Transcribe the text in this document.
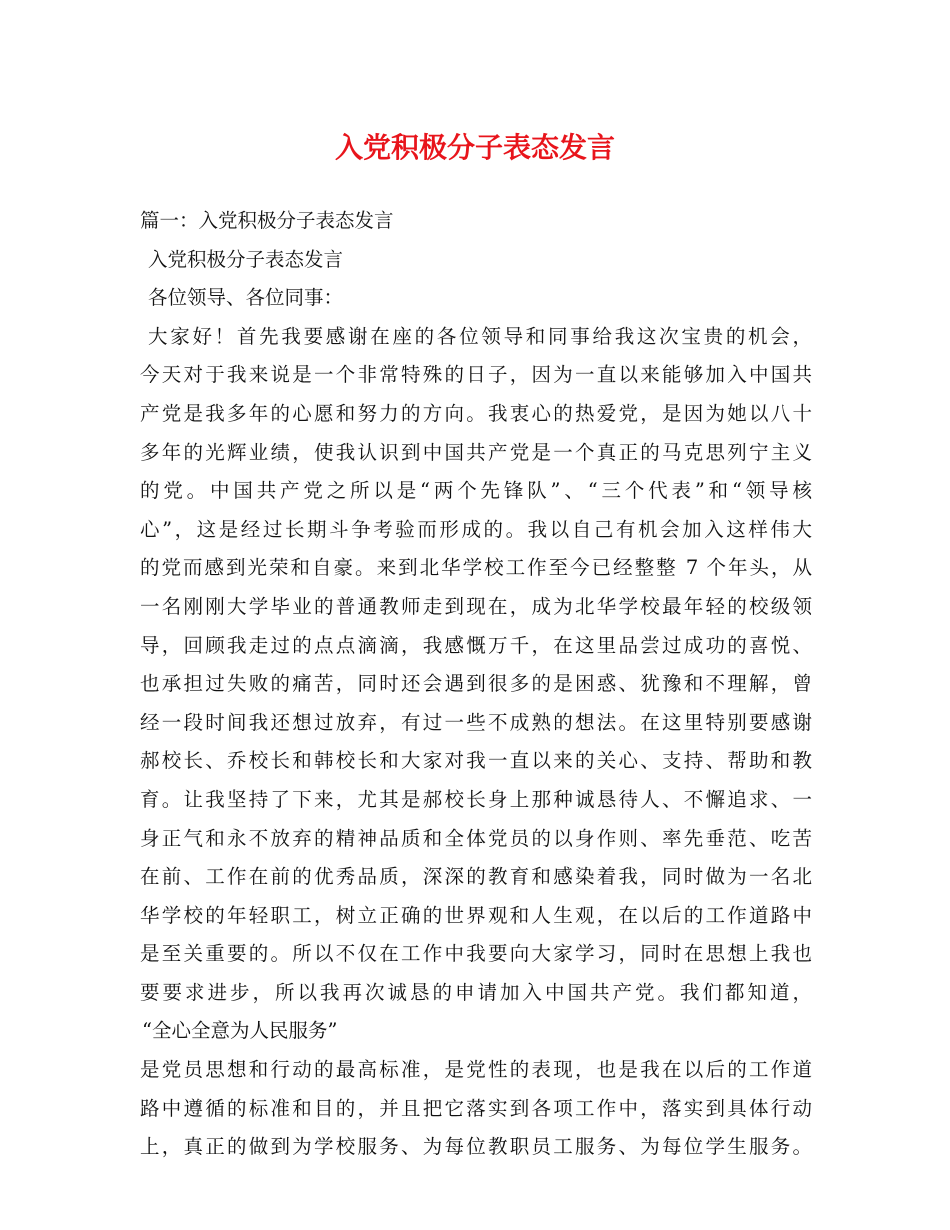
入党积极分子表态发言
篇一：入党积极分子表态发言
入党积极分子表态发言
各位领导、各位同事：
大家好！首先我要感谢在座的各位领导和同事给我这次宝贵的机会，
今天对于我来说是一个非常特殊的日子，因为一直以来能够加入中国共
产党是我多年的心愿和努力的方向。我衷心的热爱党，是因为她以八十
多年的光辉业绩，使我认识到中国共产党是一个真正的马克思列宁主义
的党。中国共产党之所以是“两个先锋队”、“三个代表”和“领导核
心”，这是经过长期斗争考验而形成的。我以自己有机会加入这样伟大
的党而感到光荣和自豪。来到北华学校工作至今已经整整 7 个年头，从
一名刚刚大学毕业的普通教师走到现在，成为北华学校最年轻的校级领
导，回顾我走过的点点滴滴，我感慨万千，在这里品尝过成功的喜悦、
也承担过失败的痛苦，同时还会遇到很多的是困惑、犹豫和不理解，曾
经一段时间我还想过放弃，有过一些不成熟的想法。在这里特别要感谢
郝校长、乔校长和韩校长和大家对我一直以来的关心、支持、帮助和教
育。让我坚持了下来，尤其是郝校长身上那种诚恳待人、不懈追求、一
身正气和永不放弃的精神品质和全体党员的以身作则、率先垂范、吃苦
在前、工作在前的优秀品质，深深的教育和感染着我，同时做为一名北
华学校的年轻职工，树立正确的世界观和人生观，在以后的工作道路中
是至关重要的。所以不仅在工作中我要向大家学习，同时在思想上我也
要要求进步，所以我再次诚恳的申请加入中国共产党。我们都知道，
“全心全意为人民服务”
是党员思想和行动的最高标准，是党性的表现，也是我在以后的工作道
路中遵循的标准和目的，并且把它落实到各项工作中，落实到具体行动
上，真正的做到为学校服务、为每位教职员工服务、为每位学生服务。
